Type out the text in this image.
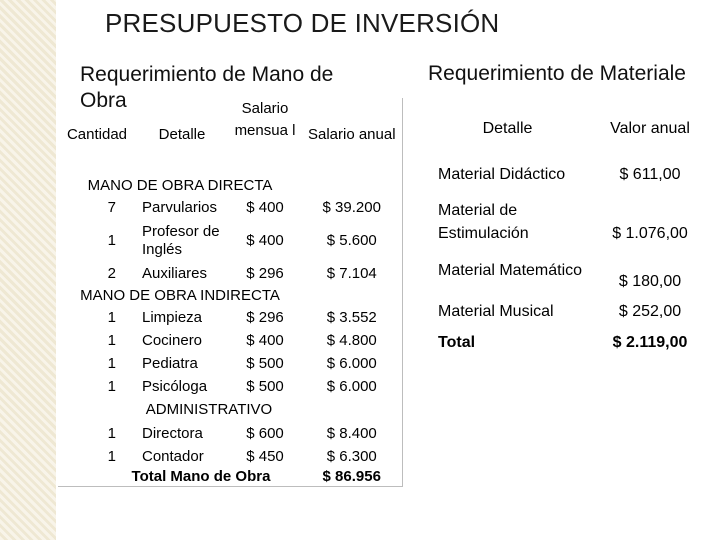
PRESUPUESTO DE INVERSIÓN
Requerimiento de Mano de Obra
Requerimiento de Materiale
Cantidad	Detalle	Salario mensua l	Salario anual
MANO DE OBRA DIRECTA			
7	Parvularios	$ 400	$ 39.200
1	Profesor de Inglés	$ 400	$ 5.600
2	Auxiliares	$ 296	$ 7.104
MANO DE OBRA INDIRECTA			
1	Limpieza	$ 296	$ 3.552
1	Cocinero	$ 400	$ 4.800
1	Pediatra	$ 500	$ 6.000
1	Psicóloga	$ 500	$ 6.000
ADMINISTRATIVO			
1	Directora	$ 600	$ 8.400
1	Contador	$ 450	$ 6.300
Total Mano de Obra			$ 86.956
Detalle	Valor anual
Material Didáctico	$ 611,00
Material de Estimulación	$ 1.076,00
Material Matemático	$ 180,00
Material Musical	$ 252,00
Total	$ 2.119,00
